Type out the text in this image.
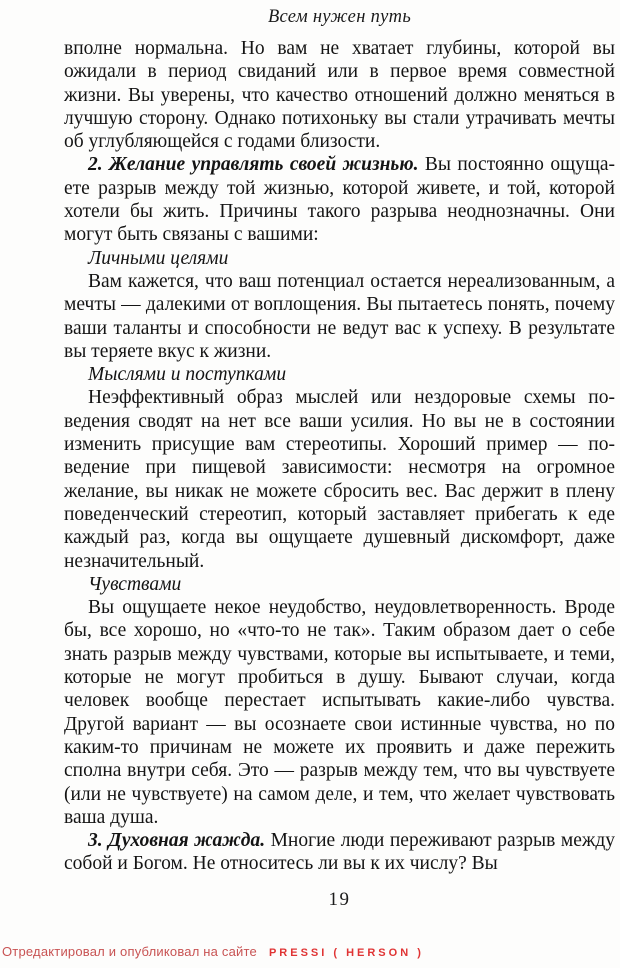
Всем нужен путь

вполне нормальна. Но вам не хватает глубины, которой вы ожидали в период свиданий или в первое время совместной жизни. Вы уверены, что качество отношений должно меняться в лучшую сторону. Однако потихоньку вы стали утрачивать мечты об углубляющейся с годами близости.

2. Желание управлять своей жизнью. Вы постоянно ощущаете разрыв между той жизнью, которой живете, и той, которой хотели бы жить. Причины такого разрыва неоднозначны. Они могут быть связаны с вашими:

Личными целями

Вам кажется, что ваш потенциал остается нереализованным, а мечты — далекими от воплощения. Вы пытаетесь понять, почему ваши таланты и способности не ведут вас к успеху. В результате вы теряете вкус к жизни.

Мыслями и поступками

Неэффективный образ мыслей или нездоровые схемы поведения сводят на нет все ваши усилия. Но вы не в состоянии изменить присущие вам стереотипы. Хороший пример — поведение при пищевой зависимости: несмотря на огромное желание, вы никак не можете сбросить вес. Вас держит в плену поведенческий стереотип, который заставляет прибегать к еде каждый раз, когда вы ощущаете душевный дискомфорт, даже незначительный.

Чувствами

Вы ощущаете некое неудобство, неудовлетворенность. Вроде бы, все хорошо, но «что-то не так». Таким образом дает о себе знать разрыв между чувствами, которые вы испытываете, и теми, которые не могут пробиться в душу. Бывают случаи, когда человек вообще перестает испытывать какие-либо чувства. Другой вариант — вы осознаете свои истинные чувства, но по каким-то причинам не можете их проявить и даже пережить сполна внутри себя. Это — разрыв между тем, что вы чувствуете (или не чувствуете) на самом деле, и тем, что желает чувствовать ваша душа.

3. Духовная жажда. Многие люди переживают разрыв между собой и Богом. Не относитесь ли вы к их числу? Вы

19
Отредактировал и опубликовал на сайте PRESSI ( HERSON )
